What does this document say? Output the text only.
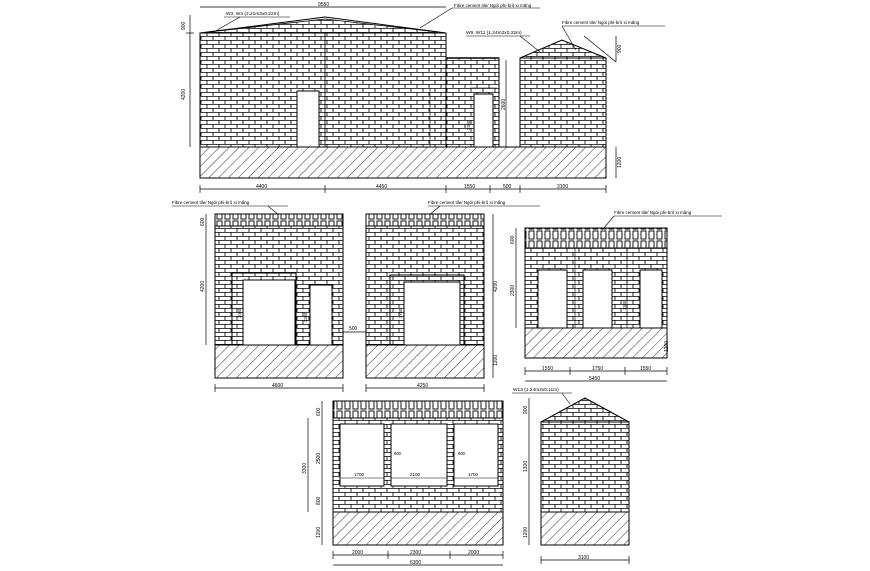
9550
900
4200
Fibre cement tile/ Ngói phi-brô xi măng
W3, W4 (2.21m2x0.22m)
2200
2600
Fibre cement tile/ Ngói phi-brô xi măng
W9, W11 (1.24m2x0.22m)
900
1200
4400	4450	1550	500	3100
Fibre cement tile/ Ngói phi-brô xi măng
600
4200
3000	2200
4600
500
Fibre cement tile/ Ngói phi-brô xi măng
4200
1200
2700
4250
Fibre cement tile/ Ngói phi-brô xi măng
600
2300
1300
1200
1550	1750	1550
5450
600
2500
3300
800
1700	2100	1700
900	900
1200
2000	2300	2000
6300
W13 (1.24m2x0.11m)
900
1300
1200
3100
